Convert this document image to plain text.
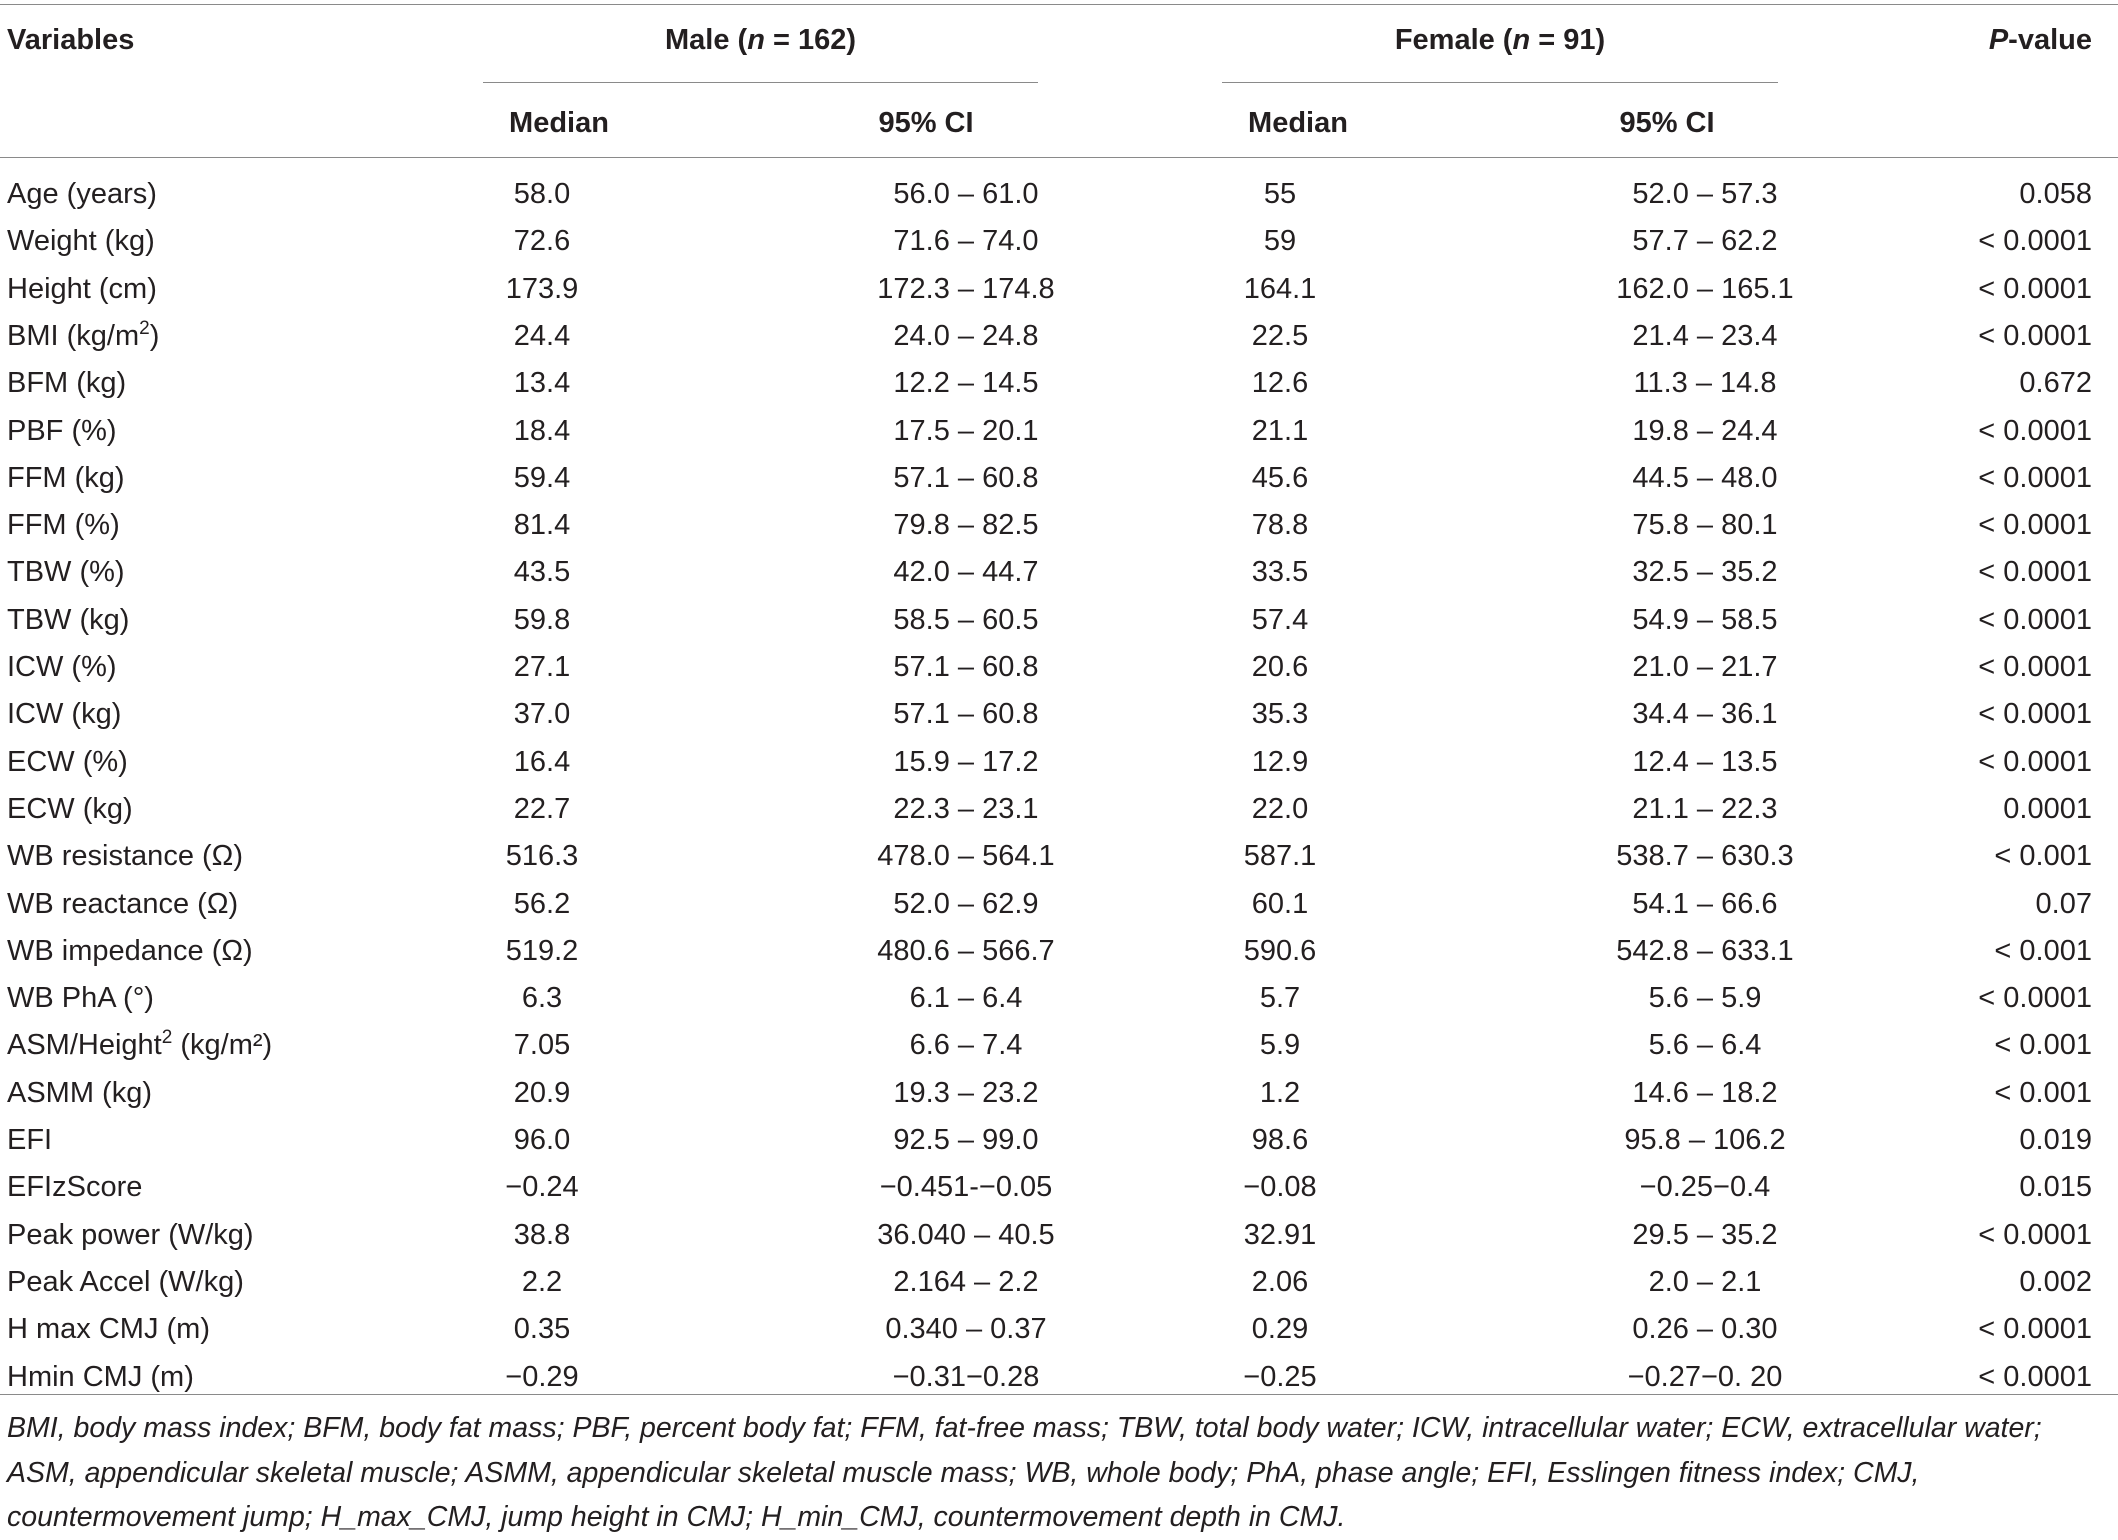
Variables	Male (n = 162)	Female (n = 91)	P-value
Median	95% CI	Median	95% CI
Age (years)	58.0	56.0 – 61.0	55	52.0 – 57.3	0.058
Weight (kg)	72.6	71.6 – 74.0	59	57.7 – 62.2	< 0.0001
Height (cm)	173.9	172.3 – 174.8	164.1	162.0 – 165.1	< 0.0001
BMI $(kg/m^2)$	24.4	24.0 – 24.8	22.5	21.4 – 23.4	< 0.0001
BFM (kg)	13.4	12.2 – 14.5	12.6	11.3 – 14.8	0.672
PBF (%)	18.4	17.5 – 20.1	21.1	19.8 – 24.4	< 0.0001
FFM (kg)	59.4	57.1 – 60.8	45.6	44.5 – 48.0	< 0.0001
FFM (%)	81.4	79.8 – 82.5	78.8	75.8 – 80.1	< 0.0001
TBW (%)	43.5	42.0 – 44.7	33.5	32.5 – 35.2	< 0.0001
TBW (kg)	59.8	58.5 – 60.5	57.4	54.9 – 58.5	< 0.0001
ICW (%)	27.1	57.1 – 60.8	20.6	21.0 – 21.7	< 0.0001
ICW (kg)	37.0	57.1 – 60.8	35.3	34.4 – 36.1	< 0.0001
ECW (%)	16.4	15.9 – 17.2	12.9	12.4 – 13.5	< 0.0001
ECW (kg)	22.7	22.3 – 23.1	22.0	21.1 – 22.3	0.0001
WB resistance (Ω)	516.3	478.0 – 564.1	587.1	538.7 – 630.3	< 0.001
WB reactance (Ω)	56.2	52.0 – 62.9	60.1	54.1 – 66.6	0.07
WB impedance (Ω)	519.2	480.6 – 566.7	590.6	542.8 – 633.1	< 0.001
WB PhA (°)	6.3	6.1 – 6.4	5.7	5.6 – 5.9	< 0.0001
ASM/Height$^2$ (kg/m²)	7.05	6.6 – 7.4	5.9	5.6 – 6.4	< 0.001
ASMM (kg)	20.9	19.3 – 23.2	1.2	14.6 – 18.2	< 0.001
EFI	96.0	92.5 – 99.0	98.6	95.8 – 106.2	0.019
EFIzScore	−0.24	−0.451-−0.05	−0.08	−0.25−0.4	0.015
Peak power (W/kg)	38.8	36.040 – 40.5	32.91	29.5 – 35.2	< 0.0001
Peak Accel (W/kg)	2.2	2.164 – 2.2	2.06	2.0 – 2.1	0.002
H max CMJ (m)	0.35	0.340 – 0.37	0.29	0.26 – 0.30	< 0.0001
Hmin CMJ (m)	−0.29	−0.31−0.28	−0.25	−0.27−0. 20	< 0.0001
BMI, body mass index; BFM, body fat mass; PBF, percent body fat; FFM, fat-free mass; TBW, total body water; ICW, intracellular water; ECW, extracellular water; ASM, appendicular skeletal muscle; ASMM, appendicular skeletal muscle mass; WB, whole body; PhA, phase angle; EFI, Esslingen fitness index; CMJ, countermovement jump; H_max_CMJ, jump height in CMJ; H_min_CMJ, countermovement depth in CMJ.
